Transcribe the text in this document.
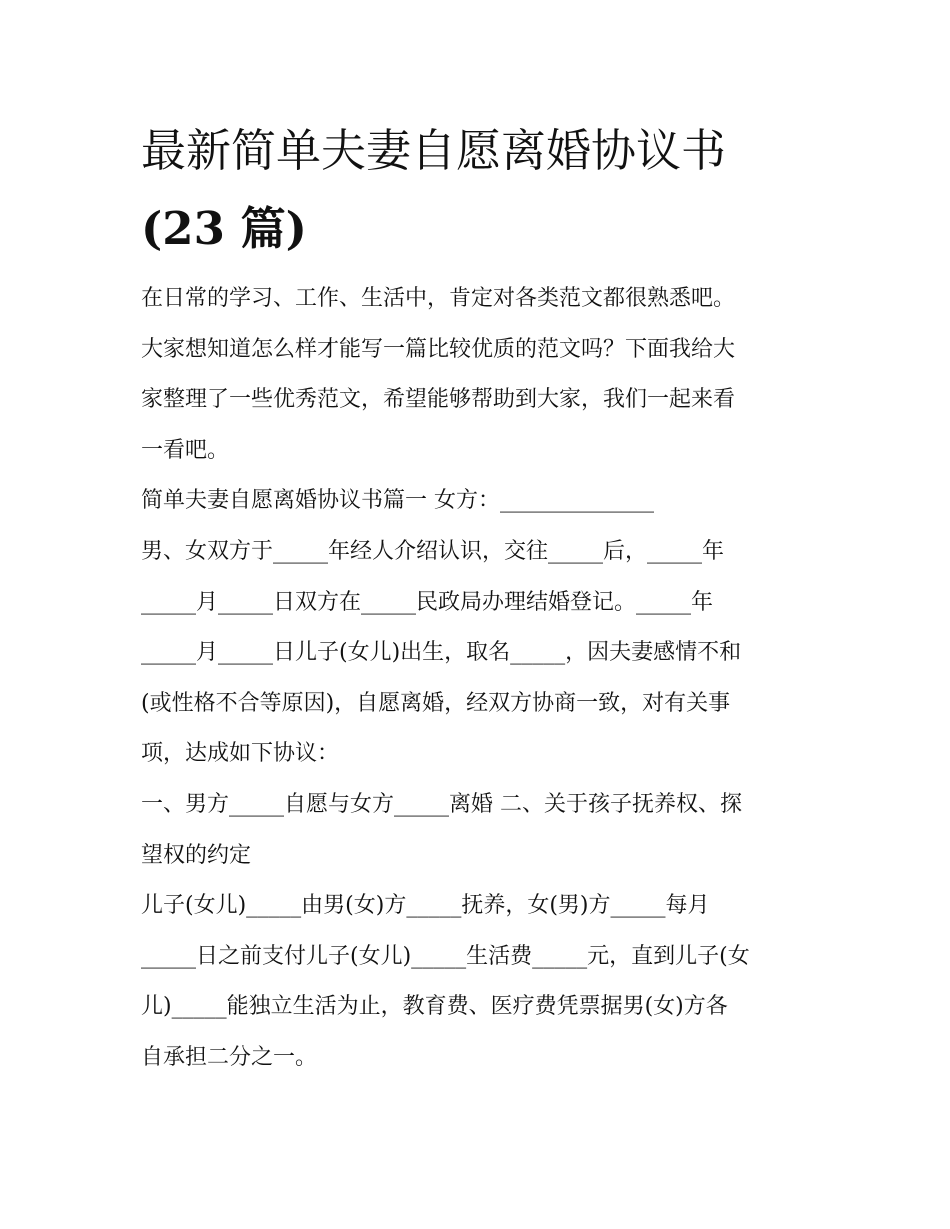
最新简单夫妻自愿离婚协议书
(23 篇)
在日常的学习、工作、生活中，肯定对各类范文都很熟悉吧。
大家想知道怎么样才能写一篇比较优质的范文吗？下面我给大
家整理了一些优秀范文，希望能够帮助到大家，我们一起来看
一看吧。
简单夫妻自愿离婚协议书篇一 女方：______________
男、女双方于_____年经人介绍认识，交往_____后，_____年
_____月_____日双方在_____民政局办理结婚登记。_____年
_____月_____日儿子(女儿)出生，取名_____，因夫妻感情不和
(或性格不合等原因)，自愿离婚，经双方协商一致，对有关事
项，达成如下协议：
一、男方_____自愿与女方_____离婚 二、关于孩子抚养权、探
望权的约定
儿子(女儿)_____由男(女)方_____抚养，女(男)方_____每月
_____日之前支付儿子(女儿)_____生活费_____元，直到儿子(女
儿)_____能独立生活为止，教育费、医疗费凭票据男(女)方各
自承担二分之一。
